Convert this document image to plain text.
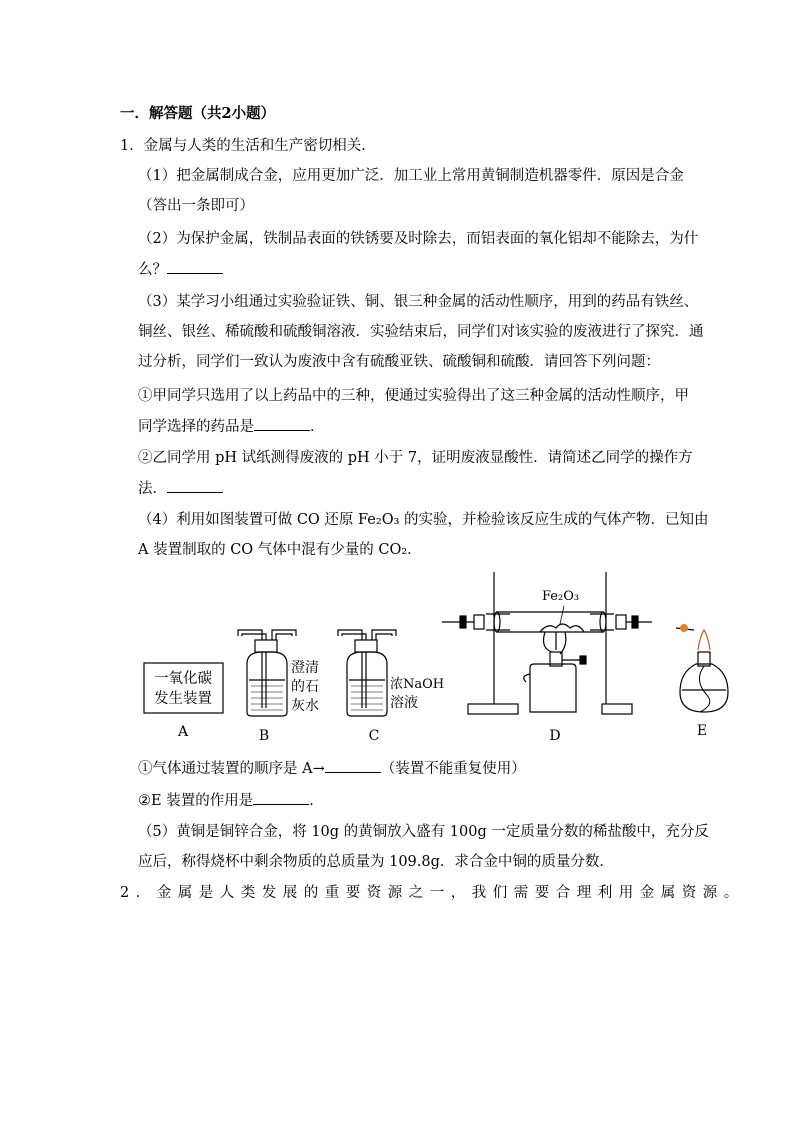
一．解答题（共2小题）
1．金属与人类的生活和生产密切相关．
（1）把金属制成合金，应用更加广泛．加工业上常用黄铜制造机器零件．原因是合金
（答出一条即可）
（2）为保护金属，铁制品表面的铁锈要及时除去，而铝表面的氧化铝却不能除去，为什
么？
（3）某学习小组通过实验验证铁、铜、银三种金属的活动性顺序，用到的药品有铁丝、
铜丝、银丝、稀硫酸和硫酸铜溶液．实验结束后，同学们对该实验的废液进行了探究．通
过分析，同学们一致认为废液中含有硫酸亚铁、硫酸铜和硫酸．请回答下列问题：
①甲同学只选用了以上药品中的三种，便通过实验得出了这三种金属的活动性顺序，甲
同学选择的药品是	．
②乙同学用 pH 试纸测得废液的 pH 小于 7，证明废液显酸性．请简述乙同学的操作方
法．
（4）利用如图装置可做 CO 还原 Fe₂O₃ 的实验，并检验该反应生成的气体产物．已知由
A 装置制取的 CO 气体中混有少量的 CO₂．
一氧化碳
发生装置
澄清
的石
灰水
浓NaOH
溶液
Fe₂O₃
A	B	C	D	E
①气体通过装置的顺序是 A→	（装置不能重复使用）
②E 装置的作用是	．
（5）黄铜是铜锌合金，将 10g 的黄铜放入盛有 100g 一定质量分数的稀盐酸中，充分反
应后，称得烧杯中剩余物质的总质量为 109.8g．求合金中铜的质量分数．
2．金属是人类发展的重要资源之一，我们需要合理利用金属资源。
